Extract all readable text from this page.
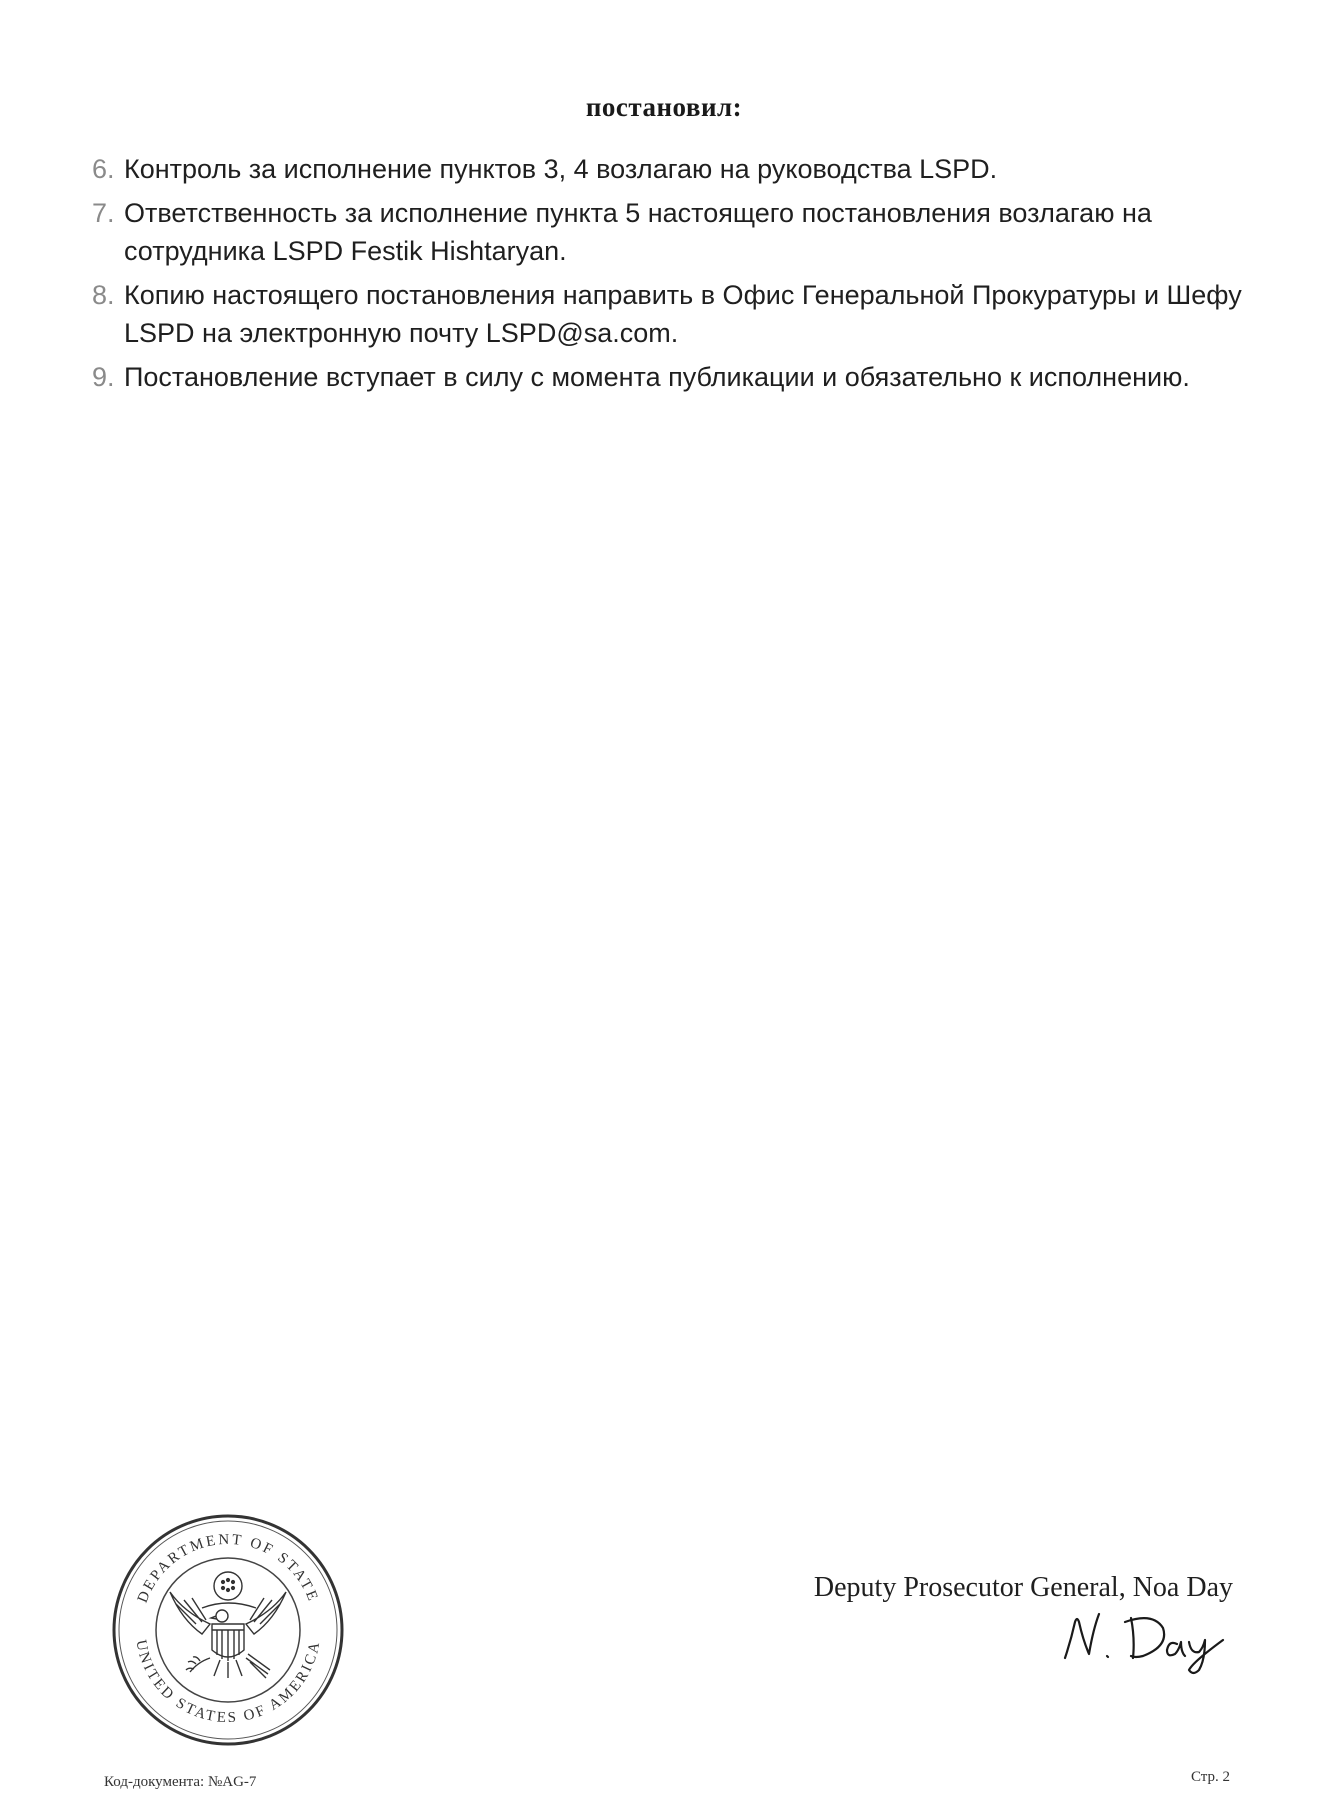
постановил:
6. Контроль за исполнение пунктов 3, 4 возлагаю на руководства LSPD.
7. Ответственность за исполнение пункта 5 настоящего постановления возлагаю на сотрудника LSPD Festik Hishtaryan.
8. Копию настоящего постановления направить в Офис Генеральной Прокуратуры и Шефу LSPD на электронную почту LSPD@sa.com.
9. Постановление вступает в силу с момента публикации и обязательно к исполнению.
DEPARTMENT OF STATE
UNITED STATES OF AMERICA
Deputy Prosecutor General, Noa Day
Код-документа: №AG-7	Стр. 2
